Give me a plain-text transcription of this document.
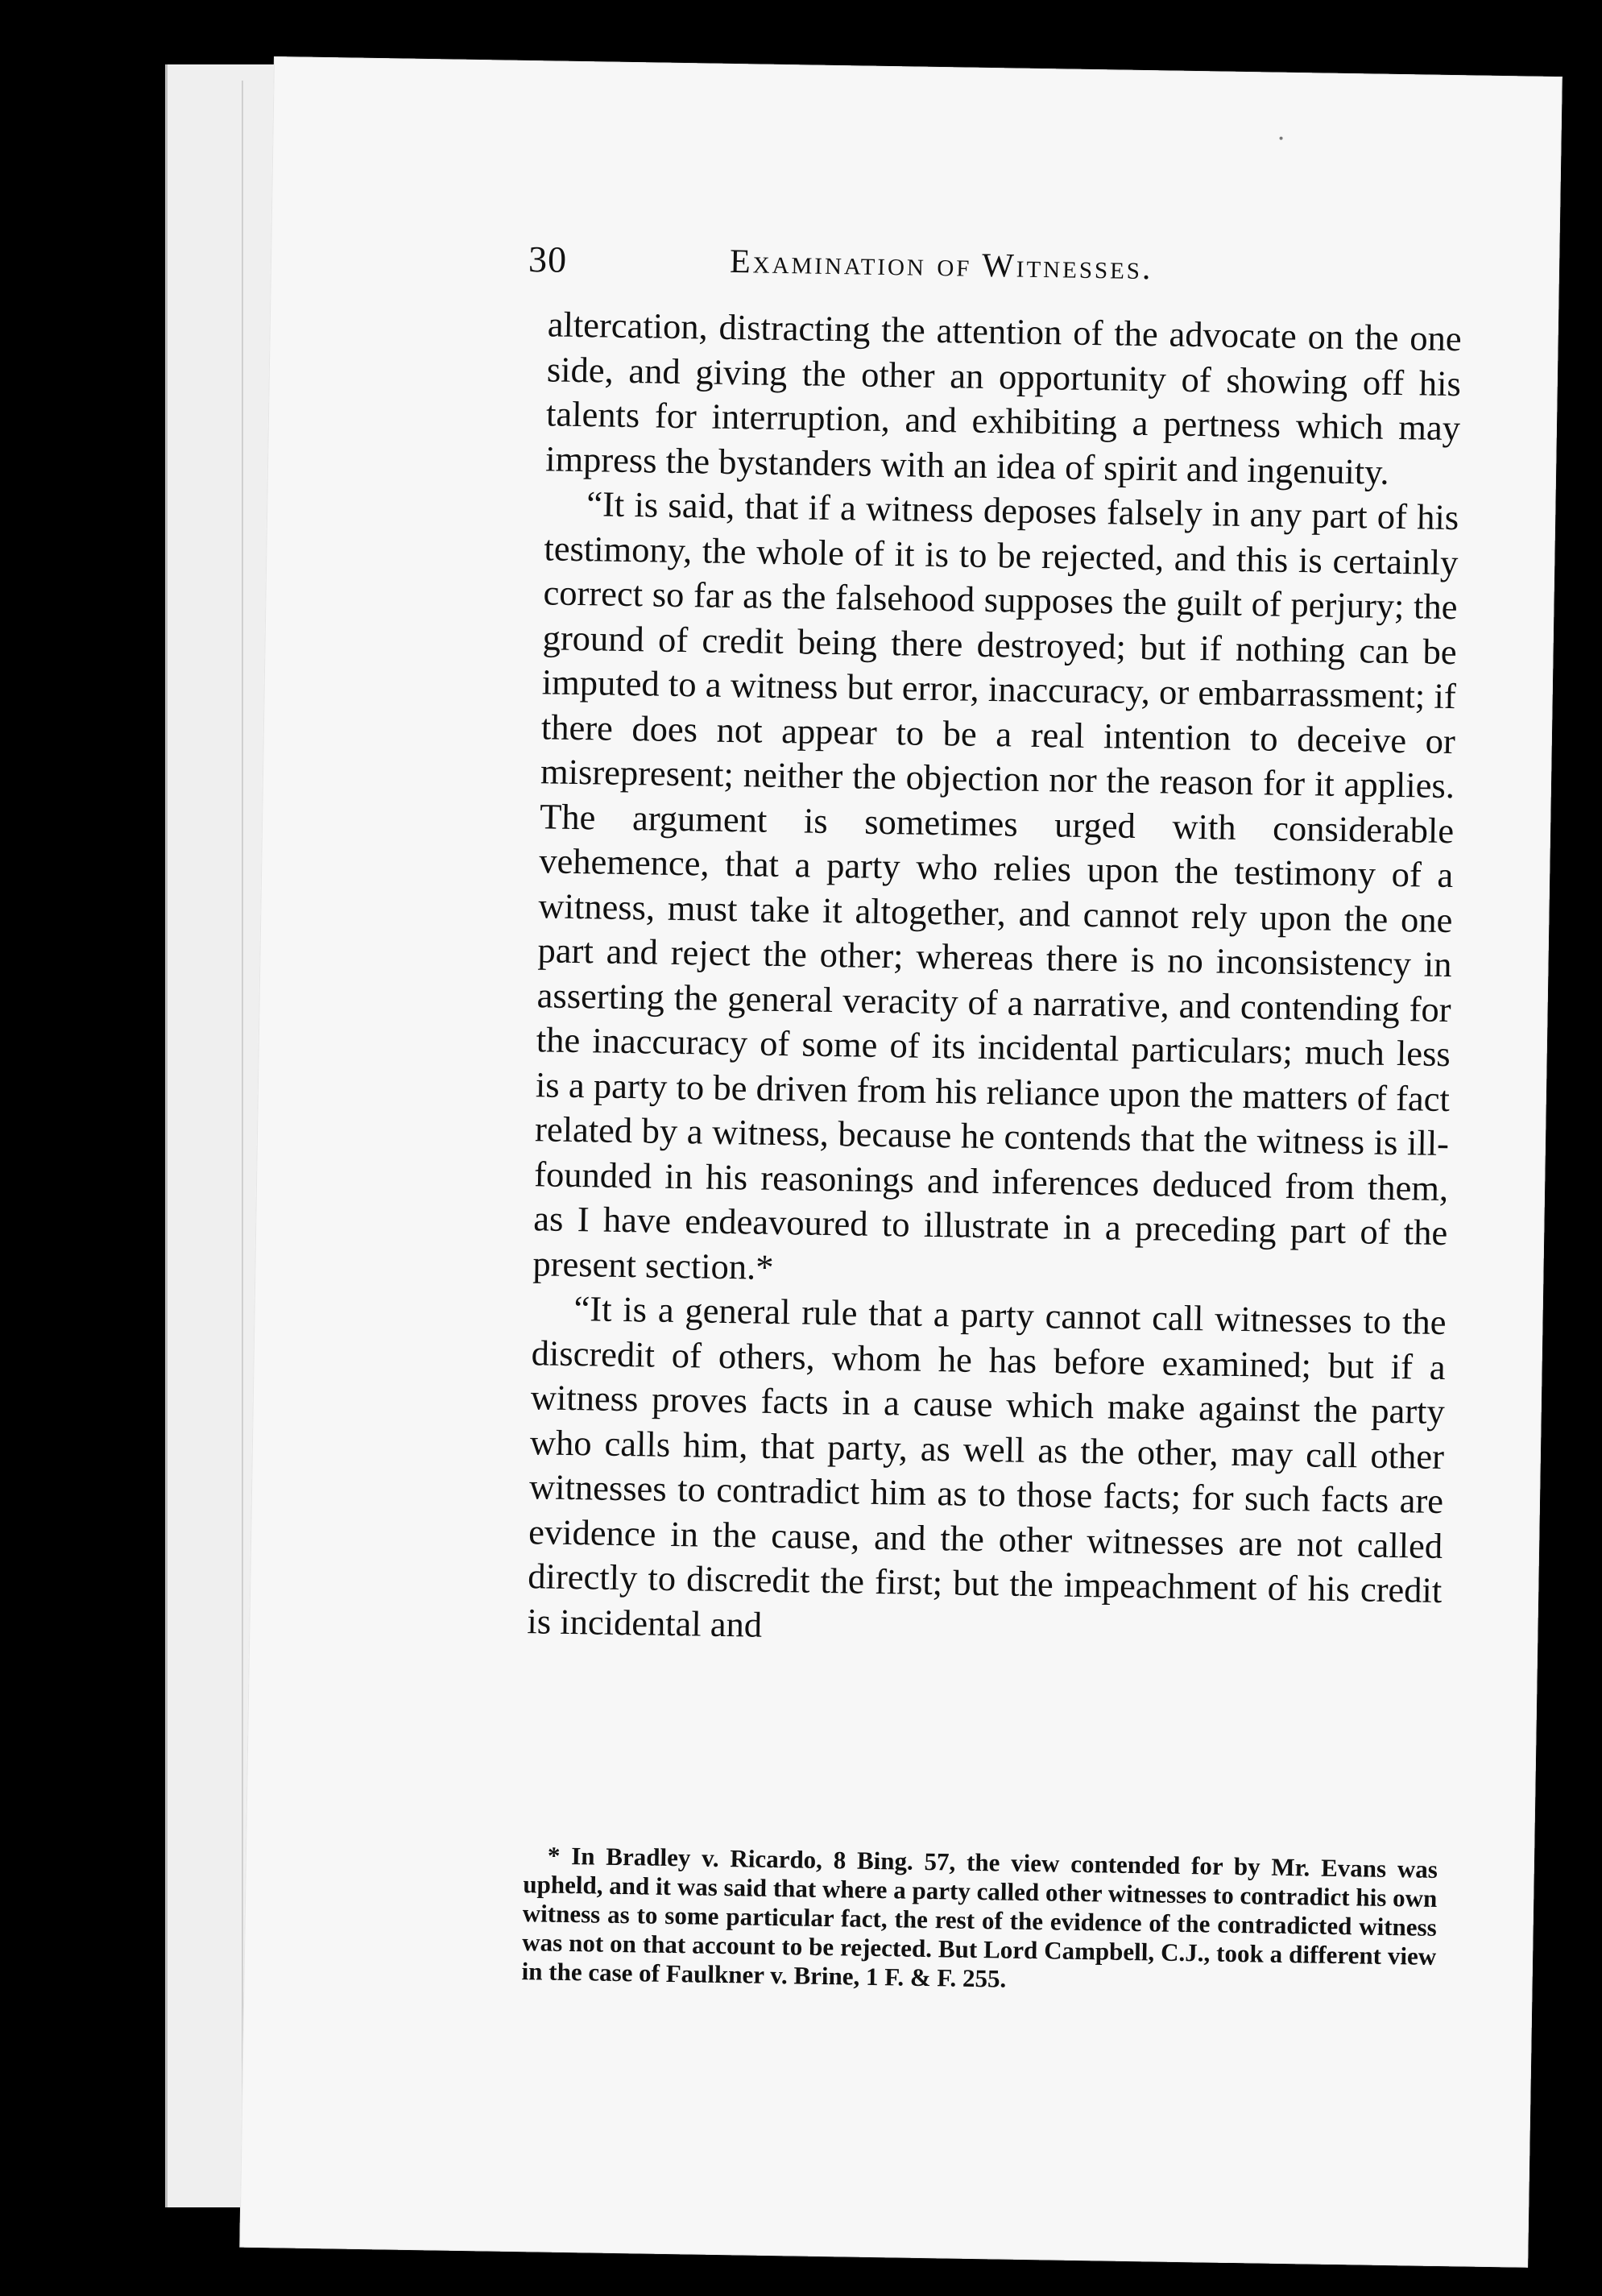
30	Examination of Witnesses.

altercation, distracting the attention of the advocate on the one side, and giving the other an opportunity of showing off his talents for interruption, and exhibiting a pertness which may impress the bystanders with an idea of spirit and ingenuity.

“It is said, that if a witness deposes falsely in any part of his testimony, the whole of it is to be rejected, and this is certainly correct so far as the falsehood supposes the guilt of perjury; the ground of credit being there destroyed; but if nothing can be imputed to a witness but error, inaccuracy, or embarrassment; if there does not appear to be a real intention to deceive or misrepresent; neither the objection nor the reason for it applies. The argument is sometimes urged with considerable vehemence, that a party who relies upon the testimony of a witness, must take it altogether, and cannot rely upon the one part and reject the other; whereas there is no inconsistency in asserting the general veracity of a narrative, and contending for the inaccuracy of some of its incidental particulars; much less is a party to be driven from his reliance upon the matters of fact related by a witness, because he contends that the witness is ill-founded in his reasonings and inferences deduced from them, as I have endeavoured to illustrate in a preceding part of the present section.*

“It is a general rule that a party cannot call witnesses to the discredit of others, whom he has before examined; but if a witness proves facts in a cause which make against the party who calls him, that party, as well as the other, may call other witnesses to contradict him as to those facts; for such facts are evidence in the cause, and the other witnesses are not called directly to discredit the first; but the impeachment of his credit is incidental and

* In Bradley v. Ricardo, 8 Bing. 57, the view contended for by Mr. Evans was upheld, and it was said that where a party called other witnesses to contradict his own witness as to some particular fact, the rest of the evidence of the contradicted witness was not on that account to be rejected. But Lord Campbell, C.J., took a different view in the case of Faulkner v. Brine, 1 F. & F. 255.
